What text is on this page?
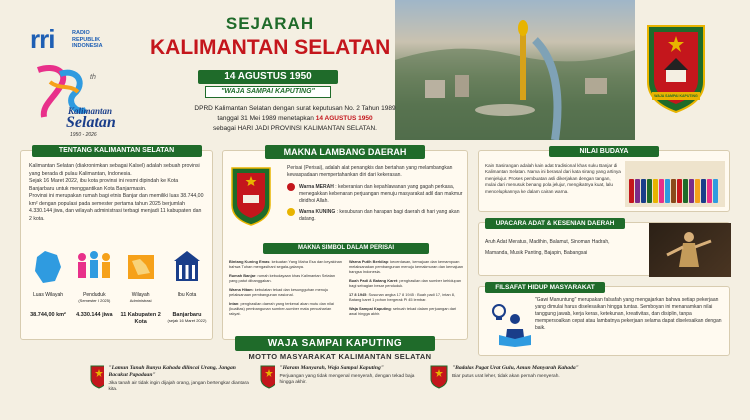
rri	RADIO
REPUBLIK
INDONESIA
th
Kalimantan
Selatan
1950 - 2026
SEJARAH
KALIMANTAN SELATAN
14 AGUSTUS 1950
"WAJA SAMPAI KAPUTING"
WAJA SAMPAI KAPUTING
DPRD Kalimantan Selatan dengan surat keputusan No. 2 Tahun 1989
tanggal 31 Mei 1989 menetapkan 14 AGUSTUS 1950
sebagai HARI JADI PROVINSI KALIMANTAN SELATAN.
TENTANG KALIMANTAN SELATAN
Kalimantan Selatan (diakronimkan sebagai Kalsel) adalah sebuah provinsi yang berada di pulau Kalimantan, Indonesia.
Sejak 16 Maret 2022, ibu kota provinsi ini resmi dipindah ke Kota Banjarbaru untuk menggantikan Kota Banjarmasin.
Provinsi ini merupakan rumah bagi etnis Banjar dan memiliki luas 38.744,00 km² dengan populasi pada semester pertama tahun 2025 berjumlah 4.330.144 jiwa, dan wilayah administrasi terbagi menjadi 11 kabupaten dan 2 kota.
Luas Wilayah
38.744,00 km²
Penduduk
(Semester I 2025)
4.330.144 jiwa
Wilayah
Administrasi
11 Kabupaten 2 Kota
Ibu Kota
Banjarbaru
(sejak 16 Maret 2022)
MAKNA LAMBANG DAERAH
Perisai (Perisai), adalah alat penangkis dan bertahan yang melambangkan kewaspadaan mempertahankan diri dari kekerasan.
Warna MERAH : keberanian dan kepahlawanan yang gagah perkasa, menegakkan kebenaran perjuangan menuju masyarakat adil dan makmur diridhoi Allah.
Warna KUNING : kesuburan dan harapan bagi daerah di hari yang akan datang.
MAKNA SIMBOL DALAM PERISAI
Bintang Kuning Emas: kekuatan Yang Maha Esa dan keyakinan bahwa Tuhan mengasihani segala-galanya.
Rumah Banjar: rumah kebudayaan khas Kalimantan Selatan yang patut dibanggakan.
Warna Hitam: kebulatan tekad dan kesungguhan menuju pelaksanaan pembangunan nasional.
Intan: penghasilan daerah yang terkenal akan mutu dan nilai (kualitas) pembangunan sumber-sumber mata pencaharian rakyat.
Warna Putih Berkilap: kecerdasan, kemajuan dan kemampuan melaksanakan pembangunan menuju kemakmuran dan kemajuan bangsa Indonesia.
Buah Padi & Batang Karet: penghasilan dan sumber kehidupan bagi sebagian besar penduduk.
17 8 1945: Susunan angka 17 8 1945 : Buah padi 17, intan 8, Batang karet 1 pohon bergerak Pi 45 lembar.
Waja Sampai Kaputing: sebuah tekad dalam perjuangan dari awal hingga akhir.
NILAI BUDAYA
Kain Sasirangan adalah kain adat tradisional khas suku Banjar di Kalimantan Selatan. Nama ini berasal dari kata sirang yang artinya menjelujur. Proses pembuatan asli dikerjakan dengan tangan, mulai dari menusuk benang pola jelujur, mengikatnya kuat, lalu mencelupkannya ke dalam cairan warna.
UPACARA ADAT & KESENIAN DAERAH
Aruh Adat Meratus, Madihin, Balamut, Sinoman Hadrah,
Mamanda, Musik Panting, Bajapin, Babangsai
FILSAFAT HIDUP MASYARAKAT
"Gawi Manuntung" merupakan falsafah yang mengajarkan bahwa setiap pekerjaan yang dimulai harus diselesaikan hingga tuntas. Semboyan ini menanamkan nilai tanggung jawab, kerja keras, ketekunan, kreativitas, dan disiplin, tanpa mempersoalkan cepat atau lambatnya pekerjaan selama dapat diselesaikan dengan baik.
WAJA SAMPAI KAPUTING
MOTTO MASYARAKAT KALIMANTAN SELATAN
"Lamun Tanah Banyu Kahada dilincai Urang, Jangan Bacakut Papadaan"
Jika tanah air tidak ingin dijajah orang, jangan bertengkar diantara kita.
"Haram Manyarah, Waja Sampai Kaputing"
Perjuangan yang tidak mengenal menyerah, dengan tekad baja hingga akhir.
"Badalas Pagat Urat Gulu, Amun Manyarah Kahada"
Biar putus urat leher, tidak akan pernah menyerah.
